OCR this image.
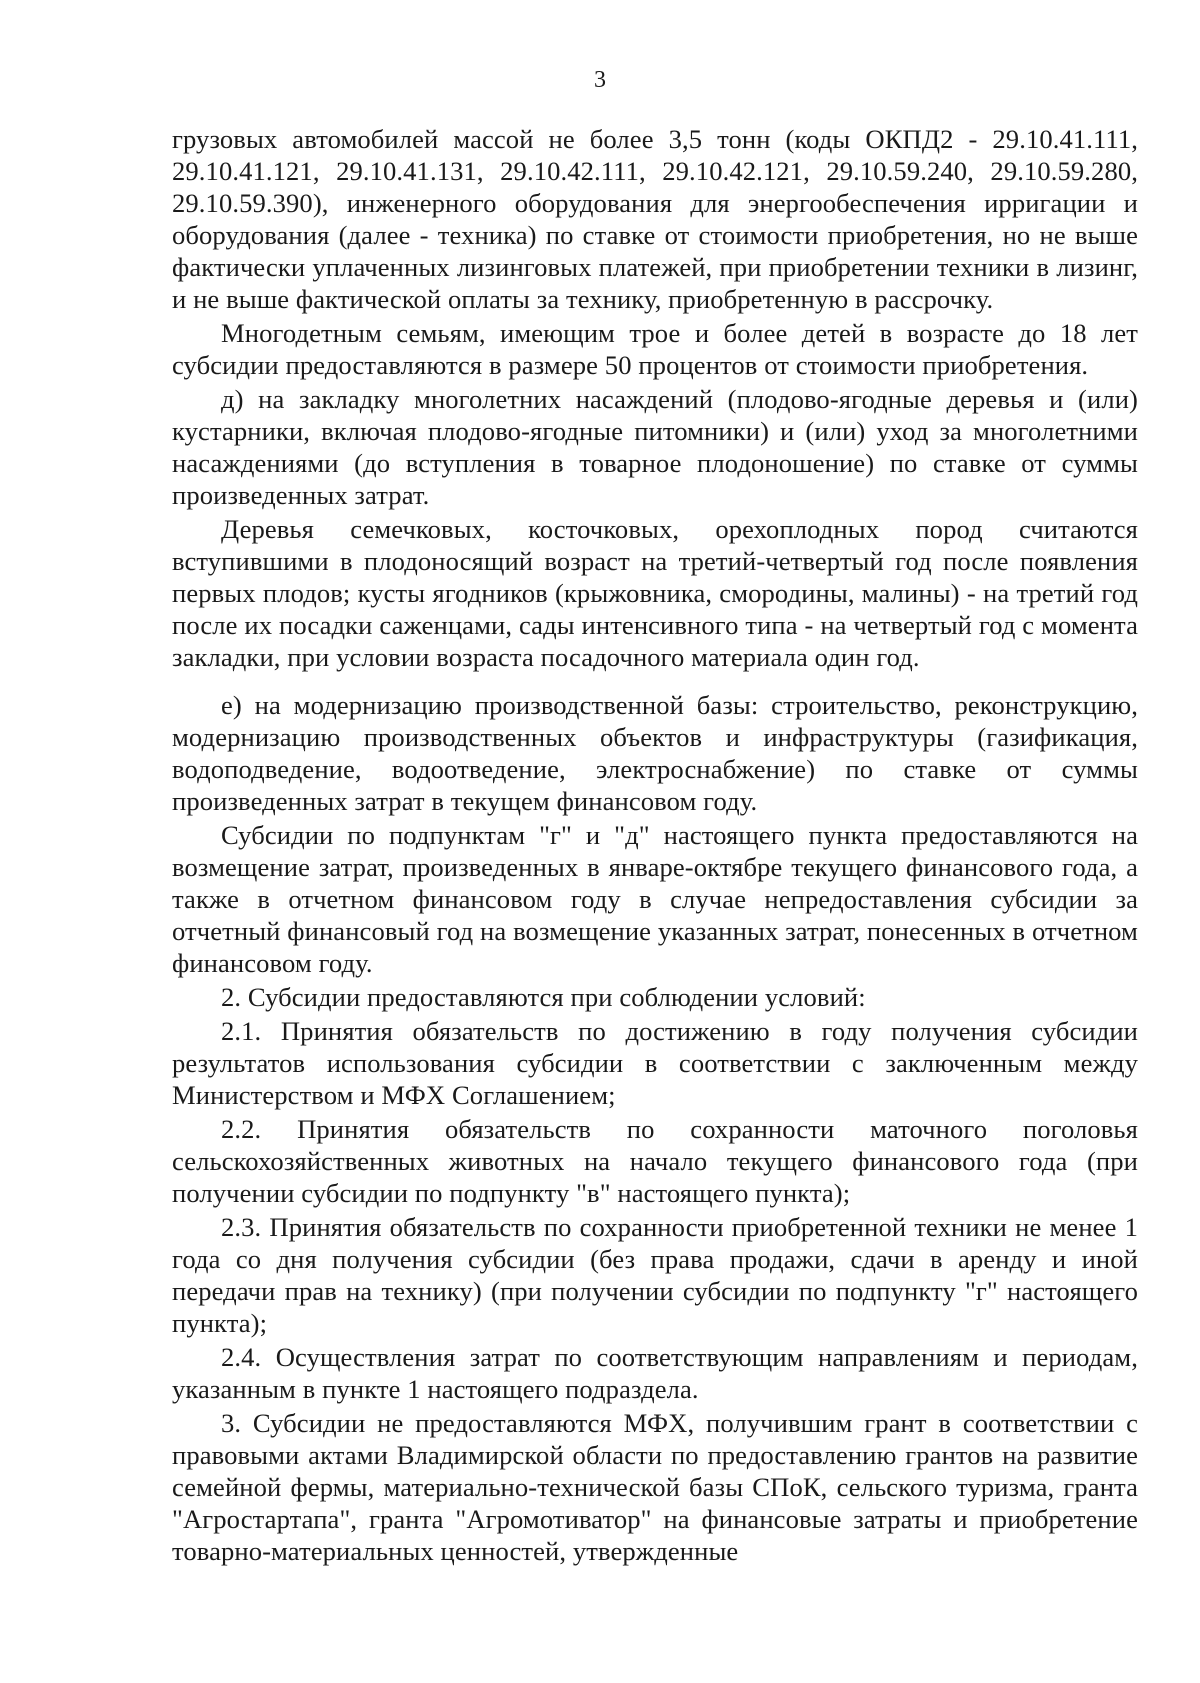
3

грузовых автомобилей массой не более 3,5 тонн (коды ОКПД2 - 29.10.41.111, 29.10.41.121, 29.10.41.131, 29.10.42.111, 29.10.42.121, 29.10.59.240, 29.10.59.280, 29.10.59.390), инженерного оборудования для энергообеспечения ирригации и оборудования (далее - техника) по ставке от стоимости приобретения, но не выше фактически уплаченных лизинговых платежей, при приобретении техники в лизинг, и не выше фактической оплаты за технику, приобретенную в рассрочку.

Многодетным семьям, имеющим трое и более детей в возрасте до 18 лет субсидии предоставляются в размере 50 процентов от стоимости приобретения.

д) на закладку многолетних насаждений (плодово-ягодные деревья и (или) кустарники, включая плодово-ягодные питомники) и (или) уход за многолетними насаждениями (до вступления в товарное плодоношение) по ставке от суммы произведенных затрат.

Деревья семечковых, косточковых, орехоплодных пород считаются вступившими в плодоносящий возраст на третий-четвертый год после появления первых плодов; кусты ягодников (крыжовника, смородины, малины) - на третий год после их посадки саженцами, сады интенсивного типа - на четвертый год с момента закладки, при условии возраста посадочного материала один год.

е) на модернизацию производственной базы: строительство, реконструкцию, модернизацию производственных объектов и инфраструктуры (газификация, водоподведение, водоотведение, электроснабжение) по ставке от суммы произведенных затрат в текущем финансовом году.

Субсидии по подпунктам "г" и "д" настоящего пункта предоставляются на возмещение затрат, произведенных в январе-октябре текущего финансового года, а также в отчетном финансовом году в случае непредоставления субсидии за отчетный финансовый год на возмещение указанных затрат, понесенных в отчетном финансовом году.

2. Субсидии предоставляются при соблюдении условий:

2.1. Принятия обязательств по достижению в году получения субсидии результатов использования субсидии в соответствии с заключенным между Министерством и МФХ Соглашением;

2.2. Принятия обязательств по сохранности маточного поголовья сельскохозяйственных животных на начало текущего финансового года (при получении субсидии по подпункту "в" настоящего пункта);

2.3. Принятия обязательств по сохранности приобретенной техники не менее 1 года со дня получения субсидии (без права продажи, сдачи в аренду и иной передачи прав на технику) (при получении субсидии по подпункту "г" настоящего пункта);

2.4. Осуществления затрат по соответствующим направлениям и периодам, указанным в пункте 1 настоящего подраздела.

3. Субсидии не предоставляются МФХ, получившим грант в соответствии с правовыми актами Владимирской области по предоставлению грантов на развитие семейной фермы, материально-технической базы СПоК, сельского туризма, гранта "Агростартапа", гранта "Агромотиватор" на финансовые затраты и приобретение товарно-материальных ценностей, утвержденные
